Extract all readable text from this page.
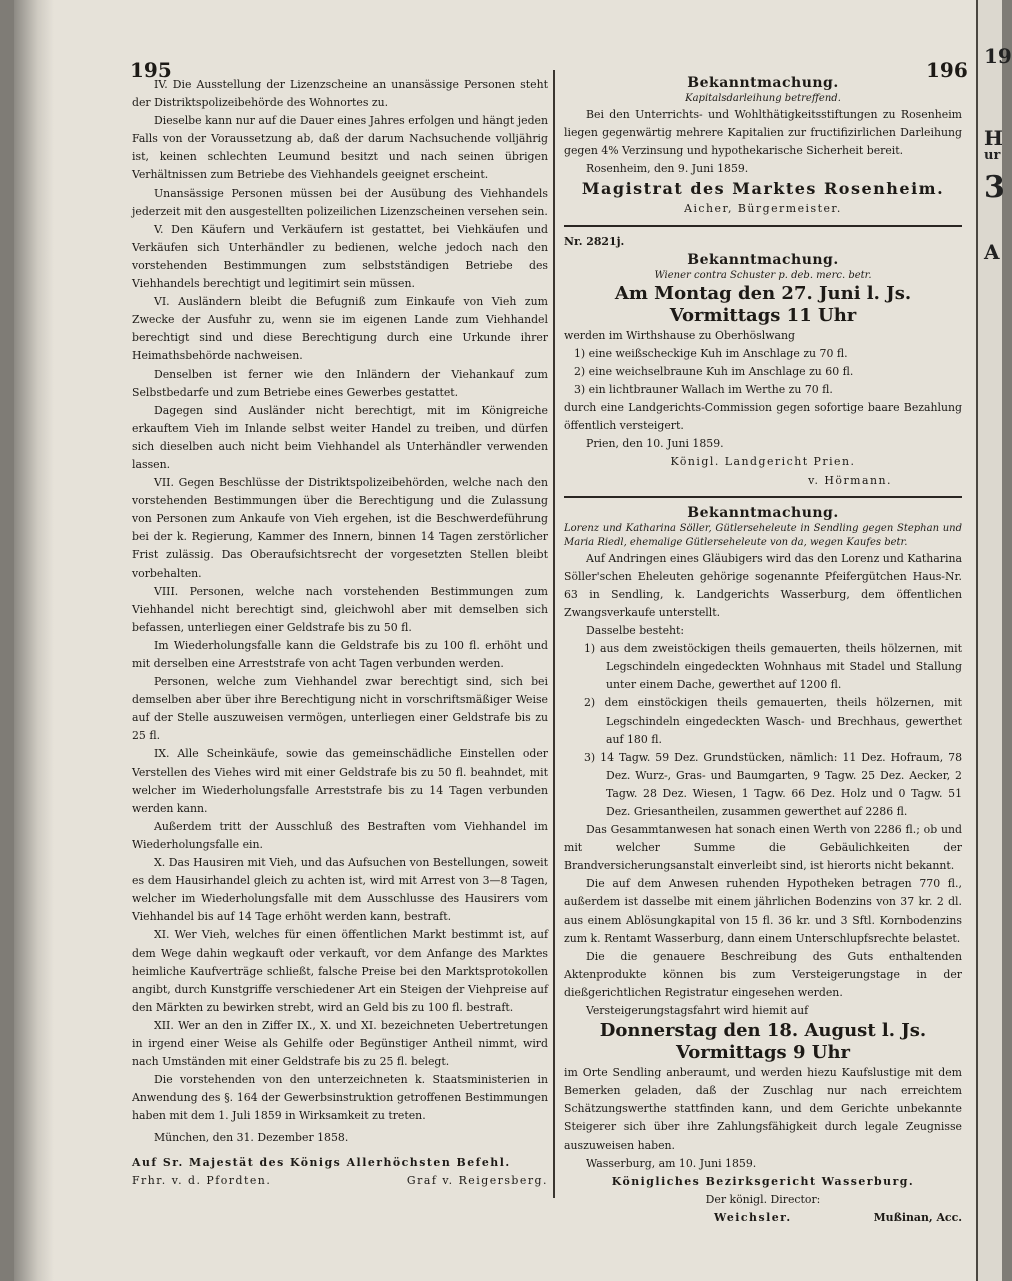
19
H
ur
3
A
195	196

IV. Die Ausstellung der Lizenzscheine an unansässige Personen steht der Distriktspolizeibehörde des Wohnortes zu.

Dieselbe kann nur auf die Dauer eines Jahres erfolgen und hängt jeden Falls von der Voraussetzung ab, daß der darum Nachsuchende volljährig ist, keinen schlechten Leumund besitzt und nach seinen übrigen Verhältnissen zum Betriebe des Viehhandels geeignet erscheint.

Unansässige Personen müssen bei der Ausübung des Viehhandels jederzeit mit den ausgestellten polizeilichen Lizenzscheinen versehen sein.

V. Den Käufern und Verkäufern ist gestattet, bei Viehkäufen und Verkäufen sich Unterhändler zu bedienen, welche jedoch nach den vorstehenden Bestimmungen zum selbstständigen Betriebe des Viehhandels berechtigt und legitimirt sein müssen.

VI. Ausländern bleibt die Befugniß zum Einkaufe von Vieh zum Zwecke der Ausfuhr zu, wenn sie im eigenen Lande zum Viehhandel berechtigt sind und diese Berechtigung durch eine Urkunde ihrer Heimathsbehörde nachweisen.

Denselben ist ferner wie den Inländern der Viehankauf zum Selbstbedarfe und zum Betriebe eines Gewerbes gestattet.

Dagegen sind Ausländer nicht berechtigt, mit im Königreiche erkauftem Vieh im Inlande selbst weiter Handel zu treiben, und dürfen sich dieselben auch nicht beim Viehhandel als Unterhändler verwenden lassen.

VII. Gegen Beschlüsse der Distriktspolizeibehörden, welche nach den vorstehenden Bestimmungen über die Berechtigung und die Zulassung von Personen zum Ankaufe von Vieh ergehen, ist die Beschwerdeführung bei der k. Regierung, Kammer des Innern, binnen 14 Tagen zerstörlicher Frist zulässig. Das Oberaufsichtsrecht der vorgesetzten Stellen bleibt vorbehalten.

VIII. Personen, welche nach vorstehenden Bestimmungen zum Viehhandel nicht berechtigt sind, gleichwohl aber mit demselben sich befassen, unterliegen einer Geldstrafe bis zu 50 fl.

Im Wiederholungsfalle kann die Geldstrafe bis zu 100 fl. erhöht und mit derselben eine Arreststrafe von acht Tagen verbunden werden.

Personen, welche zum Viehhandel zwar berechtigt sind, sich bei demselben aber über ihre Berechtigung nicht in vorschriftsmäßiger Weise auf der Stelle auszuweisen vermögen, unterliegen einer Geldstrafe bis zu 25 fl.

IX. Alle Scheinkäufe, sowie das gemeinschädliche Einstellen oder Verstellen des Viehes wird mit einer Geldstrafe bis zu 50 fl. beahndet, mit welcher im Wiederholungsfalle Arreststrafe bis zu 14 Tagen verbunden werden kann.

Außerdem tritt der Ausschluß des Bestraften vom Viehhandel im Wiederholungsfalle ein.

X. Das Hausiren mit Vieh, und das Aufsuchen von Bestellungen, soweit es dem Hausirhandel gleich zu achten ist, wird mit Arrest von 3—8 Tagen, welcher im Wiederholungsfalle mit dem Ausschlusse des Hausirers vom Viehhandel bis auf 14 Tage erhöht werden kann, bestraft.

XI. Wer Vieh, welches für einen öffentlichen Markt bestimmt ist, auf dem Wege dahin wegkauft oder verkauft, vor dem Anfange des Marktes heimliche Kaufverträge schließt, falsche Preise bei den Marktsprotokollen angibt, durch Kunstgriffe verschiedener Art ein Steigen der Viehpreise auf den Märkten zu bewirken strebt, wird an Geld bis zu 100 fl. bestraft.

XII. Wer an den in Ziffer IX., X. und XI. bezeichneten Uebertretungen in irgend einer Weise als Gehilfe oder Begünstiger Antheil nimmt, wird nach Umständen mit einer Geldstrafe bis zu 25 fl. belegt.

Die vorstehenden von den unterzeichneten k. Staatsministerien in Anwendung des §. 164 der Gewerbsinstruktion getroffenen Bestimmungen haben mit dem 1. Juli 1859 in Wirksamkeit zu treten.

München, den 31. Dezember 1858.

Auf Sr. Majestät des Königs Allerhöchsten Befehl.

Frhr. v. d. Pfordten.	Graf v. Reigersberg.

Bekanntmachung.

Kapitalsdarleihung betreffend.

Bei den Unterrichts- und Wohlthätigkeitsstiftungen zu Rosenheim liegen gegenwärtig mehrere Kapitalien zur fructifizirlichen Darleihung gegen 4% Verzinsung und hypothekarische Sicherheit bereit.

Rosenheim, den 9. Juni 1859.

Magistrat des Marktes Rosenheim.

Aicher, Bürgermeister.

Nr. 2821j.

Bekanntmachung.

Wiener contra Schuster p. deb. merc. betr.

Am Montag den 27. Juni l. Js.

Vormittags 11 Uhr

werden im Wirthshause zu Oberhöslwang

1) eine weißscheckige Kuh im Anschlage zu 70 fl.

2) eine weichselbraune Kuh im Anschlage zu 60 fl.

3) ein lichtbrauner Wallach im Werthe zu 70 fl.

durch eine Landgerichts-Commission gegen sofortige baare Bezahlung öffentlich versteigert.

Prien, den 10. Juni 1859.

Königl. Landgericht Prien.

v. Hörmann.

Bekanntmachung.

Lorenz und Katharina Söller, Gütlerseheleute in Sendling gegen Stephan und Maria Riedl, ehemalige Gütlerseheleute von da, wegen Kaufes betr.

Auf Andringen eines Gläubigers wird das den Lorenz und Katharina Söller'schen Eheleuten gehörige sogenannte Pfeifergütchen Haus-Nr. 63 in Sendling, k. Landgerichts Wasserburg, dem öffentlichen Zwangsverkaufe unterstellt.

Dasselbe besteht:

1) aus dem zweistöckigen theils gemauerten, theils hölzernen, mit Legschindeln eingedeckten Wohnhaus mit Stadel und Stallung unter einem Dache, gewerthet auf 1200 fl.

2) dem einstöckigen theils gemauerten, theils hölzernen, mit Legschindeln eingedeckten Wasch- und Brechhaus, gewerthet auf 180 fl.

3) 14 Tagw. 59 Dez. Grundstücken, nämlich: 11 Dez. Hofraum, 78 Dez. Wurz-, Gras- und Baumgarten, 9 Tagw. 25 Dez. Aecker, 2 Tagw. 28 Dez. Wiesen, 1 Tagw. 66 Dez. Holz und 0 Tagw. 51 Dez. Griesantheilen, zusammen gewerthet auf 2286 fl.

Das Gesammtanwesen hat sonach einen Werth von 2286 fl.; ob und mit welcher Summe die Gebäulichkeiten der Brandversicherungsanstalt einverleibt sind, ist hierorts nicht bekannt.

Die auf dem Anwesen ruhenden Hypotheken betragen 770 fl., außerdem ist dasselbe mit einem jährlichen Bodenzins von 37 kr. 2 dl. aus einem Ablösungkapital von 15 fl. 36 kr. und 3 Sftl. Kornbodenzins zum k. Rentamt Wasserburg, dann einem Unterschlupfsrechte belastet.

Die die genauere Beschreibung des Guts enthaltenden Aktenprodukte können bis zum Versteigerungstage in der dießgerichtlichen Registratur eingesehen werden.

Versteigerungstagsfahrt wird hiemit auf

Donnerstag den 18. August l. Js.

Vormittags 9 Uhr

im Orte Sendling anberaumt, und werden hiezu Kaufslustige mit dem Bemerken geladen, daß der Zuschlag nur nach erreichtem Schätzungswerthe stattfinden kann, und dem Gerichte unbekannte Steigerer sich über ihre Zahlungsfähigkeit durch legale Zeugnisse auszuweisen haben.

Wasserburg, am 10. Juni 1859.

Königliches Bezirksgericht Wasserburg.

Der königl. Director:

Weichsler.	Mußinan, Acc.
